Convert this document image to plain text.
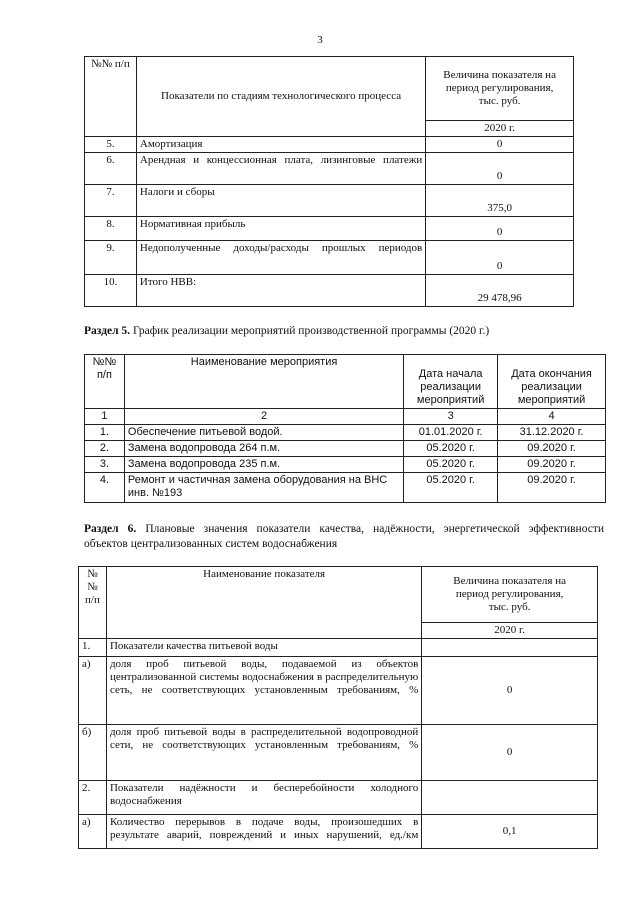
3
№№ п/п	Показатели по стадиям технологического процесса	Величина показателя на
период регулирования,
тыс. руб.

		2020 г.
5.	Амортизация	0
6.	Арендная и концессионная плата, лизинговые платежи	0
7.	Налоги и сборы	375,0
8.	Нормативная прибыль	0
9.	Недополученные доходы/расходы прошлых периодов	0
10.	Итого НВВ:	29 478,96
Раздел 5. График реализации мероприятий производственной программы (2020 г.)
№№ п/п	Наименование мероприятия	Дата начала реализации мероприятий	Дата окончания реализации мероприятий
1	2	3	4
1.	Обеспечение питьевой водой.	01.01.2020 г.	31.12.2020 г.
2.	Замена водопровода 264 п.м.	05.2020 г.	09.2020 г.
3.	Замена водопровода 235 п.м.	05.2020 г.	09.2020 г.
4.	Ремонт и частичная замена оборудования на ВНС инв. №193	05.2020 г.	09.2020 г.
Раздел 6. Плановые значения показатели качества, надёжности, энергетической эффективности
объектов централизованных систем водоснабжения
№№ п/п	Наименование показателя	Величина показателя на
период регулирования,
тыс. руб.

		2020 г.
1.	Показатели качества питьевой воды	
а)	доля проб питьевой воды, подаваемой из объектов централизованной системы водоснабжения в распределительную сеть, не соответствующих установленным требованиям, %	0
б)	доля проб питьевой воды в распределительной водопроводной сети, не соответствующих установленным требованиям, %	0
2.	Показатели надёжности и бесперебойности холодного водоснабжения	
а)	Количество перерывов в подаче воды, произошедших в результате аварий, повреждений и иных нарушений, ед./км	0,1
